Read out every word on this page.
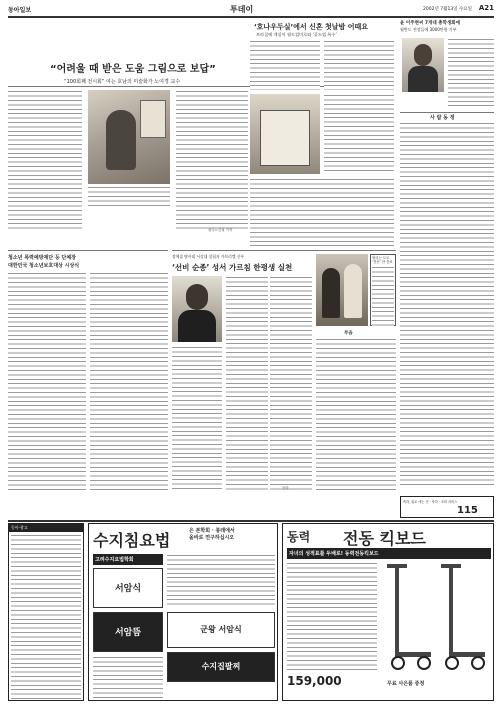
동아일보	투데이	2002년 7월13일 수요일 A21
“어려울 때 받은 도움 그림으로 보답”
“100회째 전시회” 여는 호남의 미술화가 노여경 교수
광주=김권 기자
‘호나우두실’에서 신혼 첫날밤 어때요
브라질에 객실이 월드컵미로와 ‘골드업 특수’
윤 이주현씨 7개대 총학생회에
월반드 전장들에 3000만원 기부
사 람 동 정
청소년 폭력예방재단 등 단체장
대한민국 청소년보호대상 시상식
장예술 탐사대 서강대 설립자 가브리엘 신부
‘선비 순종’ 성서 가르침 한평생 실천
동아
원리는 도도
‘전선’ 잔 음료
부음
축하, 위로 에는 전 · 축하 · 조화 서비스
115
동아·광고
수지침요법	은 본학회 · 봉래에서
올바로 연구하십시오
고려수지요법학회
서암식
서암뜸	군왕 서암식
수지집팔찌
동력 전동 킥보드
자녀의 성적표를 두배로! 동력전동킥보드
159,000	무료 사은품 증정
